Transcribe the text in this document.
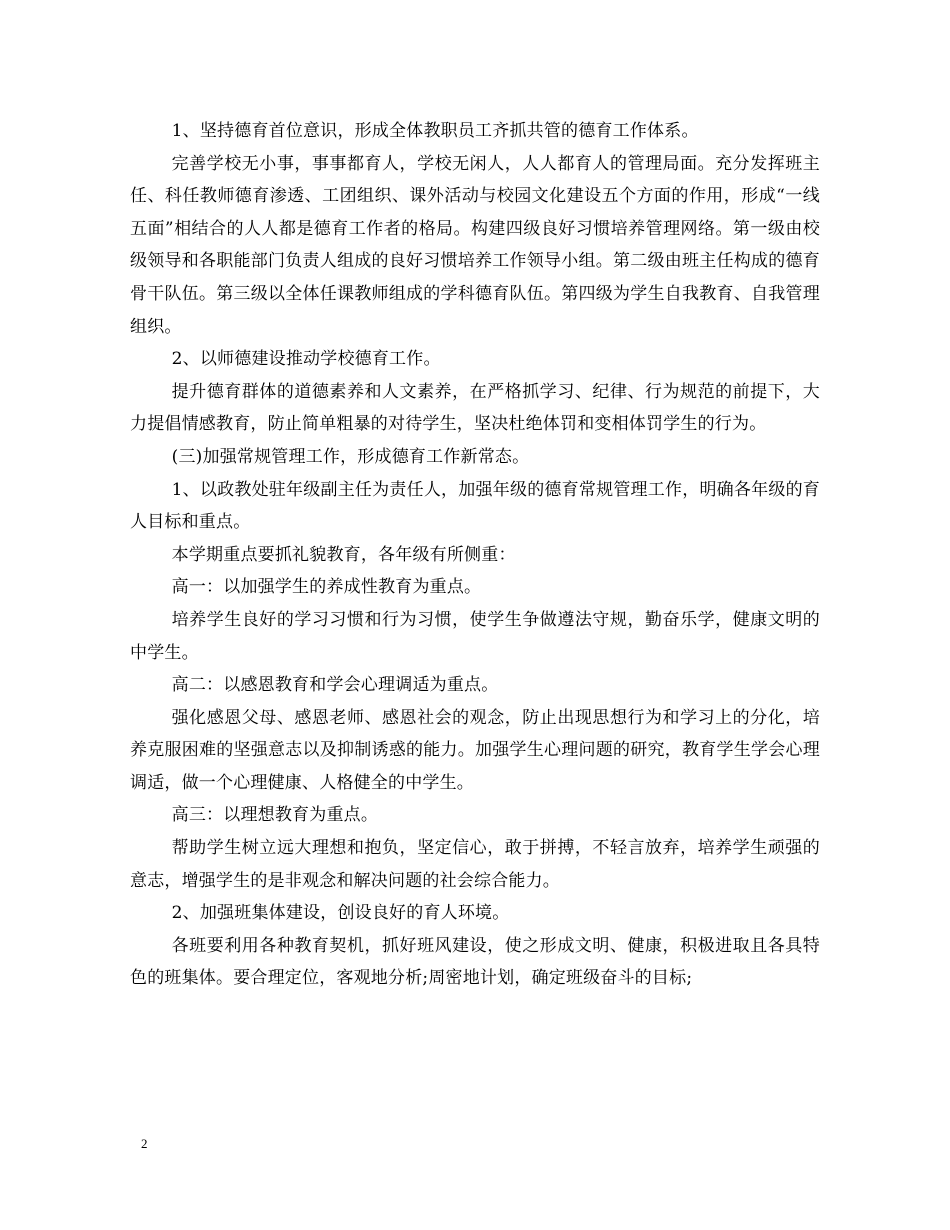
1、坚持德育首位意识，形成全体教职员工齐抓共管的德育工作体系。

完善学校无小事，事事都育人，学校无闲人，人人都育人的管理局面。充分发挥班主任、科任教师德育渗透、工团组织、课外活动与校园文化建设五个方面的作用，形成“一线五面”相结合的人人都是德育工作者的格局。构建四级良好习惯培养管理网络。第一级由校级领导和各职能部门负责人组成的良好习惯培养工作领导小组。第二级由班主任构成的德育骨干队伍。第三级以全体任课教师组成的学科德育队伍。第四级为学生自我教育、自我管理组织。

2、以师德建设推动学校德育工作。

提升德育群体的道德素养和人文素养，在严格抓学习、纪律、行为规范的前提下，大力提倡情感教育，防止简单粗暴的对待学生，坚决杜绝体罚和变相体罚学生的行为。

(三)加强常规管理工作，形成德育工作新常态。

1、以政教处驻年级副主任为责任人，加强年级的德育常规管理工作，明确各年级的育人目标和重点。

本学期重点要抓礼貌教育，各年级有所侧重：

高一：以加强学生的养成性教育为重点。

培养学生良好的学习习惯和行为习惯，使学生争做遵法守规，勤奋乐学，健康文明的中学生。

高二：以感恩教育和学会心理调适为重点。

强化感恩父母、感恩老师、感恩社会的观念，防止出现思想行为和学习上的分化，培养克服困难的坚强意志以及抑制诱惑的能力。加强学生心理问题的研究，教育学生学会心理调适，做一个心理健康、人格健全的中学生。

高三：以理想教育为重点。

帮助学生树立远大理想和抱负，坚定信心，敢于拼搏，不轻言放弃，培养学生顽强的意志，增强学生的是非观念和解决问题的社会综合能力。

2、加强班集体建设，创设良好的育人环境。

各班要利用各种教育契机，抓好班风建设，使之形成文明、健康，积极进取且各具特色的班集体。要合理定位，客观地分析;周密地计划，确定班级奋斗的目标;

2
